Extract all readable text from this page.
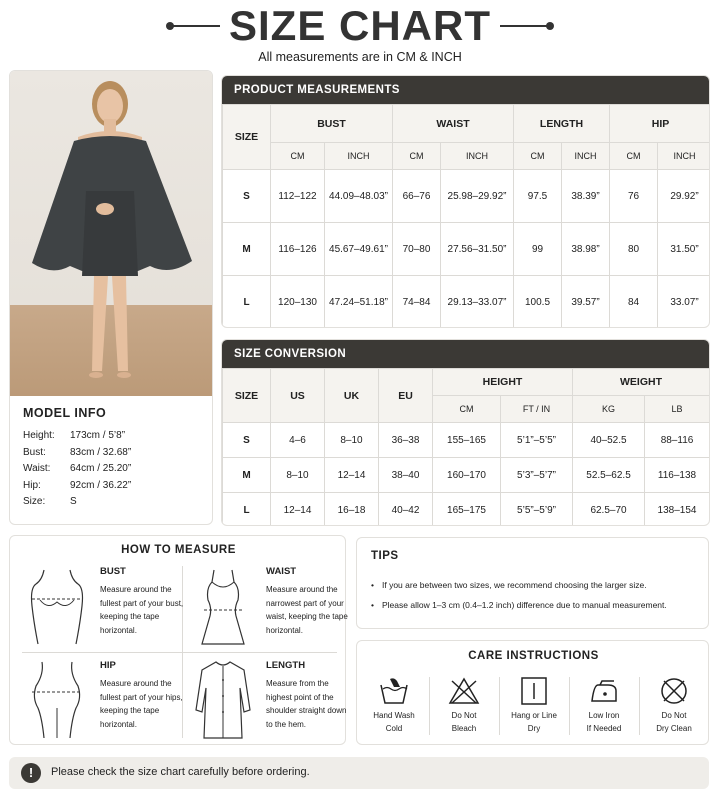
SIZE CHART
All measurements are in CM & INCH
MODEL INFO
Height:	173cm / 5’8”
Bust:	83cm / 32.68”
Waist:	64cm / 25.20”
Hip:	92cm / 36.22”
Size:	S
PRODUCT MEASUREMENTS
SIZE	BUST		WAIST		LENGTH		HIP	
	CM	INCH	CM	INCH	CM	INCH	CM	INCH
S	112–122	44.09–48.03”	66–76	25.98–29.92”	97.5	38.39”	76	29.92”
M	116–126	45.67–49.61”	70–80	27.56–31.50”	99	38.98”	80	31.50”
L	120–130	47.24–51.18”	74–84	29.13–33.07”	100.5	39.57”	84	33.07”
SIZE CONVERSION
SIZE	US	UK	EU	HEIGHT		WEIGHT	
				CM	FT / IN	KG	LB
S	4–6	8–10	36–38	155–165	5’1”–5’5”	40–52.5	88–116
M	8–10	12–14	38–40	160–170	5’3”–5’7”	52.5–62.5	116–138
L	12–14	16–18	40–42	165–175	5’5”–5’9”	62.5–70	138–154
HOW TO MEASURE
BUST
Measure around the fullest part of your bust, keeping the tape horizontal.
WAIST
Measure around the narrowest part of your waist, keeping the tape horizontal.
HIP
Measure around the fullest part of your hips, keeping the tape horizontal.
LENGTH
Measure from the highest point of the shoulder straight down to the hem.
TIPS
• If you are between two sizes, we recommend choosing the larger size.
• Please allow 1–3 cm (0.4–1.2 inch) difference due to manual measurement.
CARE INSTRUCTIONS
Hand Wash
Cold
Do Not
Bleach
Hang or Line
Dry
Low Iron
If Needed
Do Not
Dry Clean
!	Please check the size chart carefully before ordering.
